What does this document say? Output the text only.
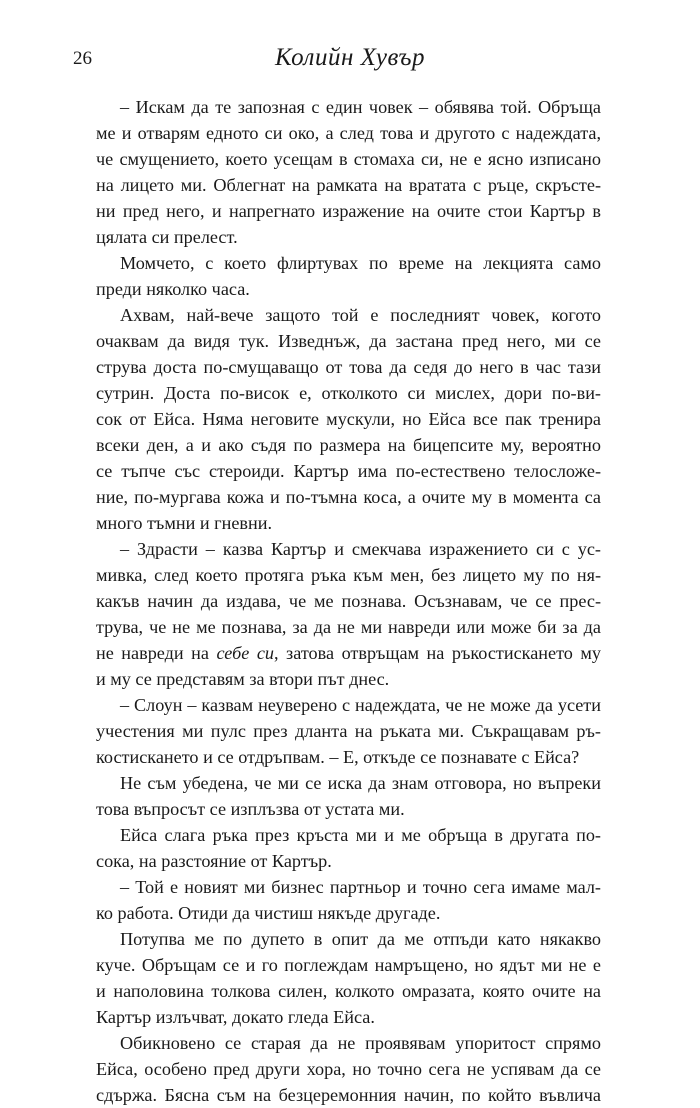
26	Колийн Хувър
– Искам да те запозная с един човек – обявява той. Обръща
ме и отварям едното си око, а след това и другото с надеждата,
че смущението, което усещам в стомаха си, не е ясно изписано
на лицето ми. Облегнат на рамката на вратата с ръце, скръсте-
ни пред него, и напрегнато изражение на очите стои Картър в
цялата си прелест.
Момчето, с което флиртувах по време на лекцията само
преди няколко часа.
Ахвам, най-вече защото той е последният човек, когото
очаквам да видя тук. Изведнъж, да застана пред него, ми се
струва доста по-смущаващо от това да седя до него в час тази
сутрин. Доста по-висок е, отколкото си мислех, дори по-ви-
сок от Ейса. Няма неговите мускули, но Ейса все пак тренира
всеки ден, а и ако съдя по размера на бицепсите му, вероятно
се тъпче със стероиди. Картър има по-естествено телосложе-
ние, по-мургава кожа и по-тъмна коса, а очите му в момента са
много тъмни и гневни.
– Здрасти – казва Картър и смекчава изражението си с ус-
мивка, след което протяга ръка към мен, без лицето му по ня-
какъв начин да издава, че ме познава. Осъзнавам, че се прес-
трува, че не ме познава, за да не ми навреди или може би за да
не навреди на себе си, затова отвръщам на ръкостискането му
и му се представям за втори път днес.
– Слоун – казвам неуверено с надеждата, че не може да усети
учестения ми пулс през дланта на ръката ми. Съкращавам ръ-
костискането и се отдръпвам. – Е, откъде се познавате с Ейса?
Не съм убедена, че ми се иска да знам отговора, но въпреки
това въпросът се изплъзва от устата ми.
Ейса слага ръка през кръста ми и ме обръща в другата по-
сока, на разстояние от Картър.
– Той е новият ми бизнес партньор и точно сега имаме мал-
ко работа. Отиди да чистиш някъде другаде.
Потупва ме по дупето в опит да ме отпъди като някакво
куче. Обръщам се и го поглеждам намръщено, но ядът ми не е
и наполовина толкова силен, колкото омразата, която очите на
Картър излъчват, докато гледа Ейса.
Обикновено се старая да не проявявам упоритост спрямо
Ейса, особено пред други хора, но точно сега не успявам да се
сдържа. Бясна съм на безцеремонния начин, по който въвлича
